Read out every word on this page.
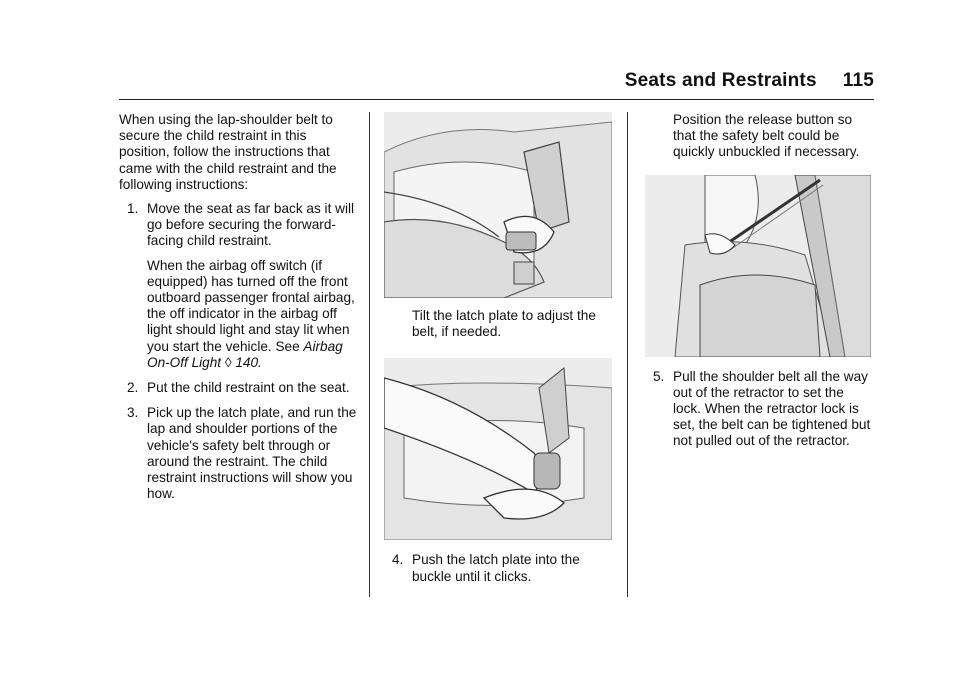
Seats and Restraints 115

When using the lap-shoulder belt to secure the child restraint in this position, follow the instructions that came with the child restraint and the following instructions:

1. Move the seat as far back as it will go before securing the forward-facing child restraint.
When the airbag off switch (if equipped) has turned off the front outboard passenger frontal airbag, the off indicator in the airbag off light should light and stay lit when you start the vehicle. See Airbag On-Off Light ◊ 140.
2. Put the child restraint on the seat.
3. Pick up the latch plate, and run the lap and shoulder portions of the vehicle's safety belt through or around the restraint. The child restraint instructions will show you how.

Tilt the latch plate to adjust the belt, if needed.

4. Push the latch plate into the buckle until it clicks.

Position the release button so that the safety belt could be quickly unbuckled if necessary.

5. Pull the shoulder belt all the way out of the retractor to set the lock. When the retractor lock is set, the belt can be tightened but not pulled out of the retractor.
